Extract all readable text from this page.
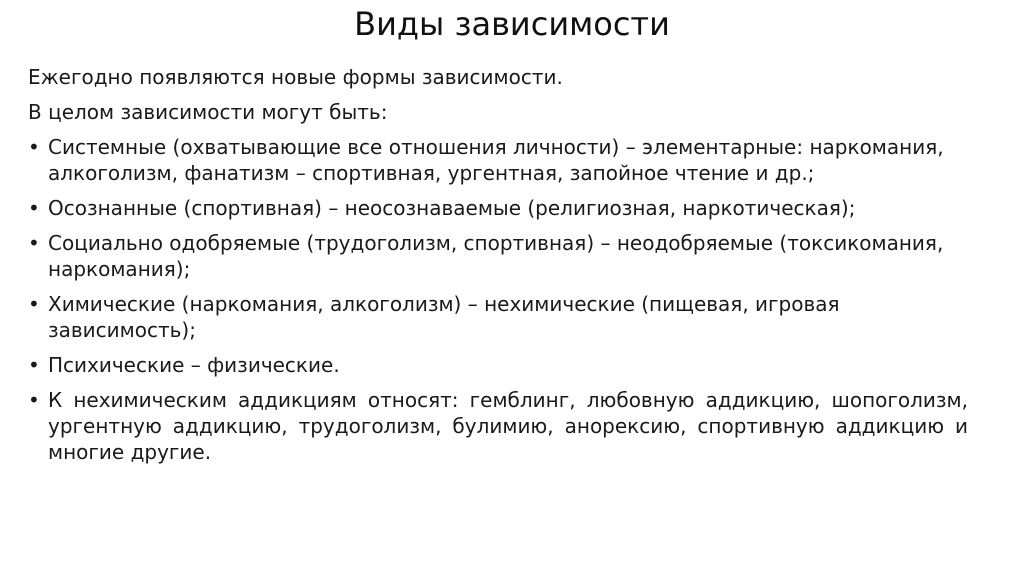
Виды зависимости

Ежегодно появляются новые формы зависимости.

В целом зависимости могут быть:

• Системные (охватывающие все отношения личности) – элементарные: наркомания, алкоголизм, фанатизм – спортивная, ургентная, запойное чтение и др.;
• Осознанные (спортивная) – неосознаваемые (религиозная, наркотическая);
• Социально одобряемые (трудоголизм, спортивная) – неодобряемые (токсикомания, наркомания);
• Химические (наркомания, алкоголизм) – нехимические (пищевая, игровая зависимость);
• Психические – физические.
• К нехимическим аддикциям относят: гемблинг, любовную аддикцию, шопоголизм, ургентную аддикцию, трудоголизм, булимию, анорексию, спортивную аддикцию и многие другие.
